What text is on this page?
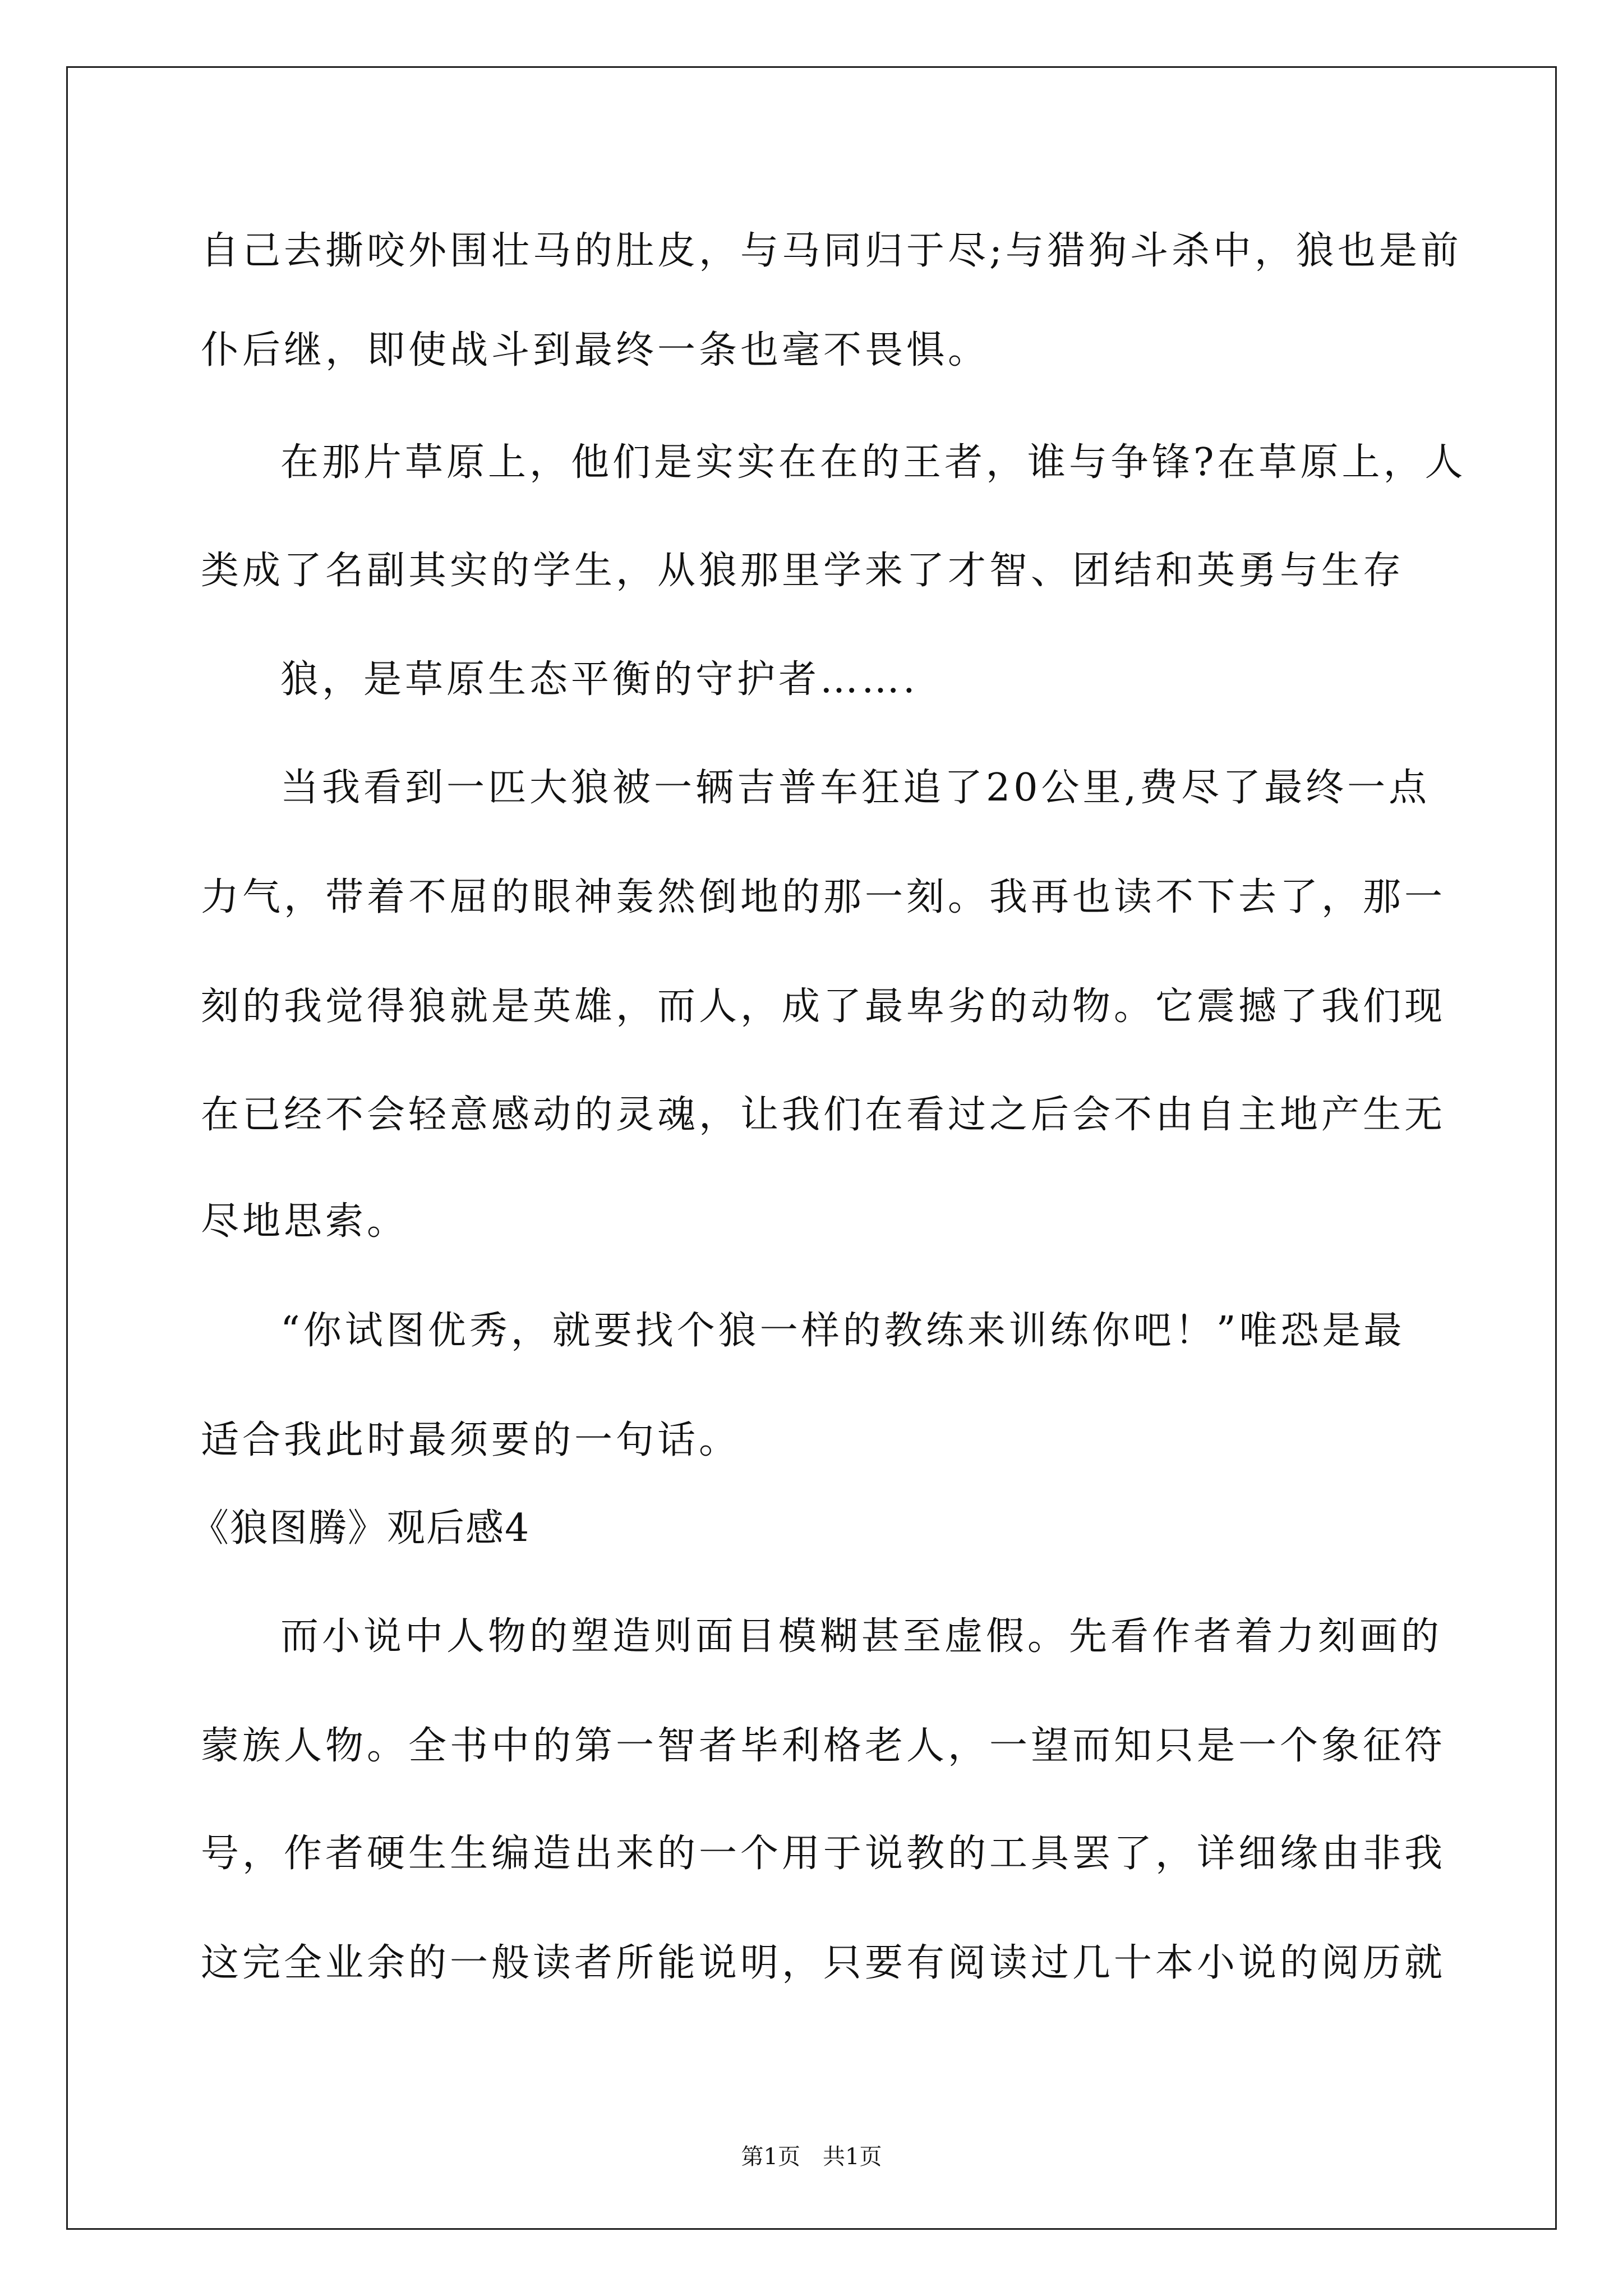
自己去撕咬外围壮马的肚皮，与马同归于尽;与猎狗斗杀中，狼也是前
仆后继，即使战斗到最终一条也毫不畏惧。
在那片草原上，他们是实实在在的王者，谁与争锋?在草原上，人
类成了名副其实的学生，从狼那里学来了才智、团结和英勇与生存
狼，是草原生态平衡的守护者…….
当我看到一匹大狼被一辆吉普车狂追了20公里,费尽了最终一点
力气，带着不屈的眼神轰然倒地的那一刻。我再也读不下去了，那一
刻的我觉得狼就是英雄，而人，成了最卑劣的动物。它震撼了我们现
在已经不会轻意感动的灵魂，让我们在看过之后会不由自主地产生无
尽地思索。
“你试图优秀，就要找个狼一样的教练来训练你吧！”唯恐是最
适合我此时最须要的一句话。
《狼图腾》观后感4
而小说中人物的塑造则面目模糊甚至虚假。先看作者着力刻画的
蒙族人物。全书中的第一智者毕利格老人，一望而知只是一个象征符
号，作者硬生生编造出来的一个用于说教的工具罢了，详细缘由非我
这完全业余的一般读者所能说明，只要有阅读过几十本小说的阅历就
第1页　共1页
